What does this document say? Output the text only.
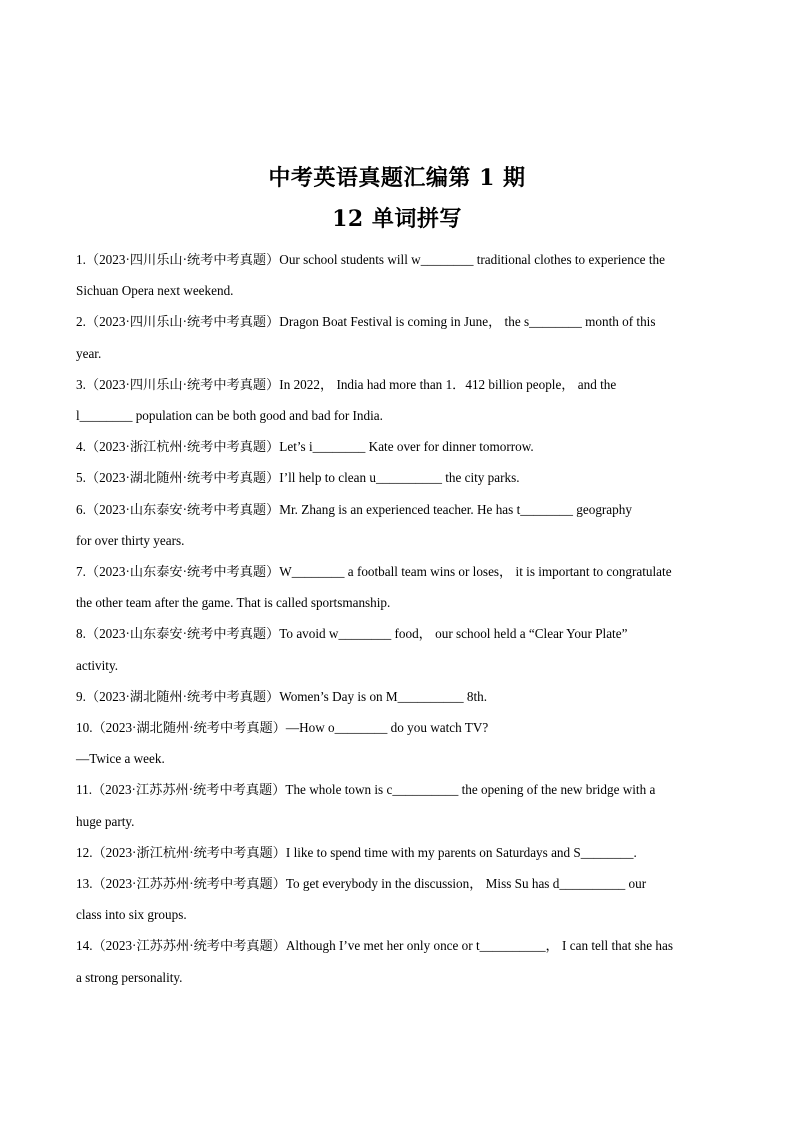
中考英语真题汇编第 1 期
12 单词拼写

1.（2023·四川乐山·统考中考真题）Our school students will w________ traditional clothes to experience the
Sichuan Opera next weekend.

2.（2023·四川乐山·统考中考真题）Dragon Boat Festival is coming in June， the s________ month of this
year.

3.（2023·四川乐山·统考中考真题）In 2022， India had more than 1．412 billion people， and the
l________ population can be both good and bad for India.

4.（2023·浙江杭州·统考中考真题）Let’s i________ Kate over for dinner tomorrow.

5.（2023·湖北随州·统考中考真题）I’ll help to clean u__________ the city parks.

6.（2023·山东泰安·统考中考真题）Mr. Zhang is an experienced teacher. He has t________ geography
for over thirty years.

7.（2023·山东泰安·统考中考真题）W________ a football team wins or loses， it is important to congratulate
the other team after the game. That is called sportsmanship.

8.（2023·山东泰安·统考中考真题）To avoid w________ food， our school held a “Clear Your Plate”
activity.

9.（2023·湖北随州·统考中考真题）Women’s Day is on M__________ 8th.

10.（2023·湖北随州·统考中考真题）—How o________ do you watch TV?
—Twice a week.

11.（2023·江苏苏州·统考中考真题）The whole town is c__________ the opening of the new bridge with a
huge party.

12.（2023·浙江杭州·统考中考真题）I like to spend time with my parents on Saturdays and S________.

13.（2023·江苏苏州·统考中考真题）To get everybody in the discussion， Miss Su has d__________ our
class into six groups.

14.（2023·江苏苏州·统考中考真题）Although I’ve met her only once or t__________， I can tell that she has
a strong personality.
